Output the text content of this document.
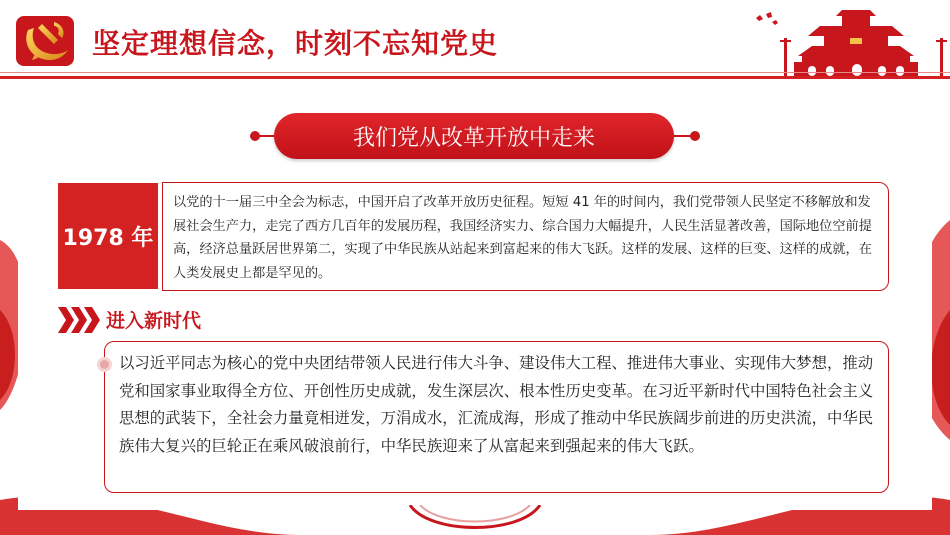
坚定理想信念，时刻不忘知党史
我们党从改革开放中走来
1978 年
以党的十一届三中全会为标志，中国开启了改革开放历史征程。短短 41 年的时间内，我们党带领人民坚定不移解放和发展社会生产力，走完了西方几百年的发展历程，我国经济实力、综合国力大幅提升，人民生活显著改善，国际地位空前提高，经济总量跃居世界第二，实现了中华民族从站起来到富起来的伟大飞跃。这样的发展、这样的巨变、这样的成就，在人类发展史上都是罕见的。
进入新时代
以习近平同志为核心的党中央团结带领人民进行伟大斗争、建设伟大工程、推进伟大事业、实现伟大梦想，推动党和国家事业取得全方位、开创性历史成就，发生深层次、根本性历史变革。在习近平新时代中国特色社会主义思想的武装下，全社会力量竟相迸发，万涓成水，汇流成海，形成了推动中华民族阔步前进的历史洪流，中华民族伟大复兴的巨轮正在乘风破浪前行，中华民族迎来了从富起来到强起来的伟大飞跃。
